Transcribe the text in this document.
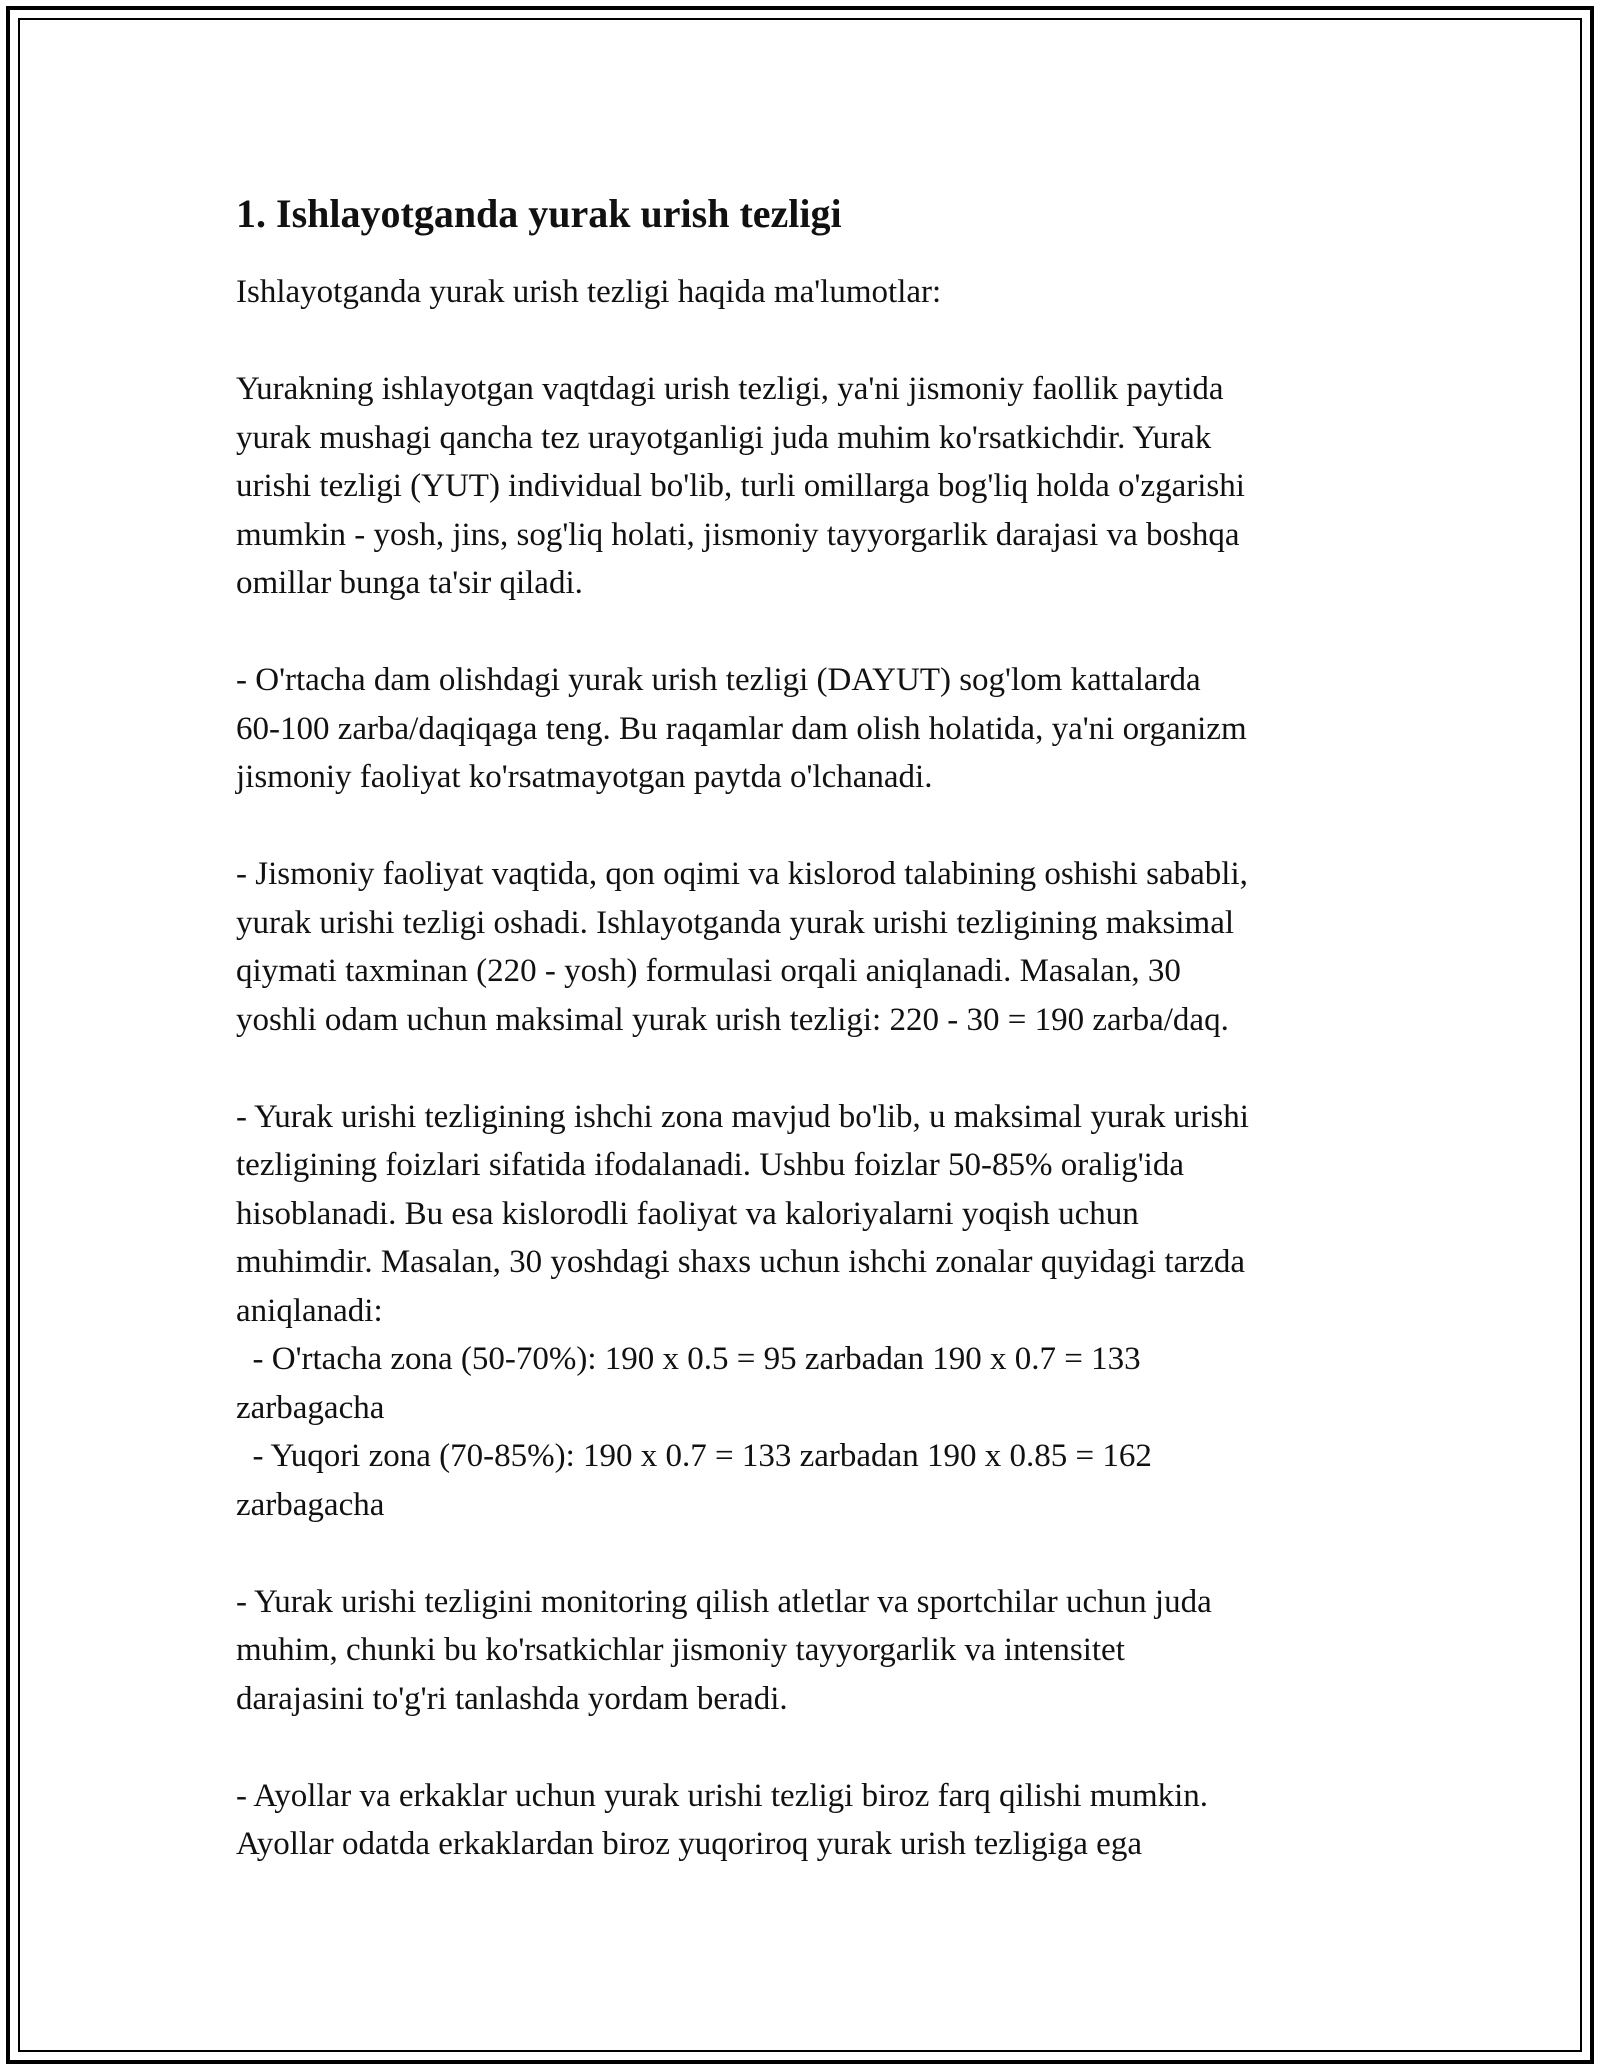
1. Ishlayotganda yurak urish tezligi

Ishlayotganda yurak urish tezligi haqida ma'lumotlar:

Yurakning ishlayotgan vaqtdagi urish tezligi, ya'ni jismoniy faollik paytida

yurak mushagi qancha tez urayotganligi juda muhim ko'rsatkichdir. Yurak

urishi tezligi (YUT) individual bo'lib, turli omillarga bog'liq holda o'zgarishi

mumkin - yosh, jins, sog'liq holati, jismoniy tayyorgarlik darajasi va boshqa

omillar bunga ta'sir qiladi.

- O'rtacha dam olishdagi yurak urish tezligi (DAYUT) sog'lom kattalarda

60-100 zarba/daqiqaga teng. Bu raqamlar dam olish holatida, ya'ni organizm

jismoniy faoliyat ko'rsatmayotgan paytda o'lchanadi.

- Jismoniy faoliyat vaqtida, qon oqimi va kislorod talabining oshishi sababli,

yurak urishi tezligi oshadi. Ishlayotganda yurak urishi tezligining maksimal

qiymati taxminan (220 - yosh) formulasi orqali aniqlanadi. Masalan, 30

yoshli odam uchun maksimal yurak urish tezligi: 220 - 30 = 190 zarba/daq.

- Yurak urishi tezligining ishchi zona mavjud bo'lib, u maksimal yurak urishi

tezligining foizlari sifatida ifodalanadi. Ushbu foizlar 50-85% oralig'ida

hisoblanadi. Bu esa kislorodli faoliyat va kaloriyalarni yoqish uchun

muhimdir. Masalan, 30 yoshdagi shaxs uchun ishchi zonalar quyidagi tarzda

aniqlanadi:

- O'rtacha zona (50-70%): 190 x 0.5 = 95 zarbadan 190 x 0.7 = 133

zarbagacha

- Yuqori zona (70-85%): 190 x 0.7 = 133 zarbadan 190 x 0.85 = 162

zarbagacha

- Yurak urishi tezligini monitoring qilish atletlar va sportchilar uchun juda

muhim, chunki bu ko'rsatkichlar jismoniy tayyorgarlik va intensitet

darajasini to'g'ri tanlashda yordam beradi.

- Ayollar va erkaklar uchun yurak urishi tezligi biroz farq qilishi mumkin.

Ayollar odatda erkaklardan biroz yuqoriroq yurak urish tezligiga ega
